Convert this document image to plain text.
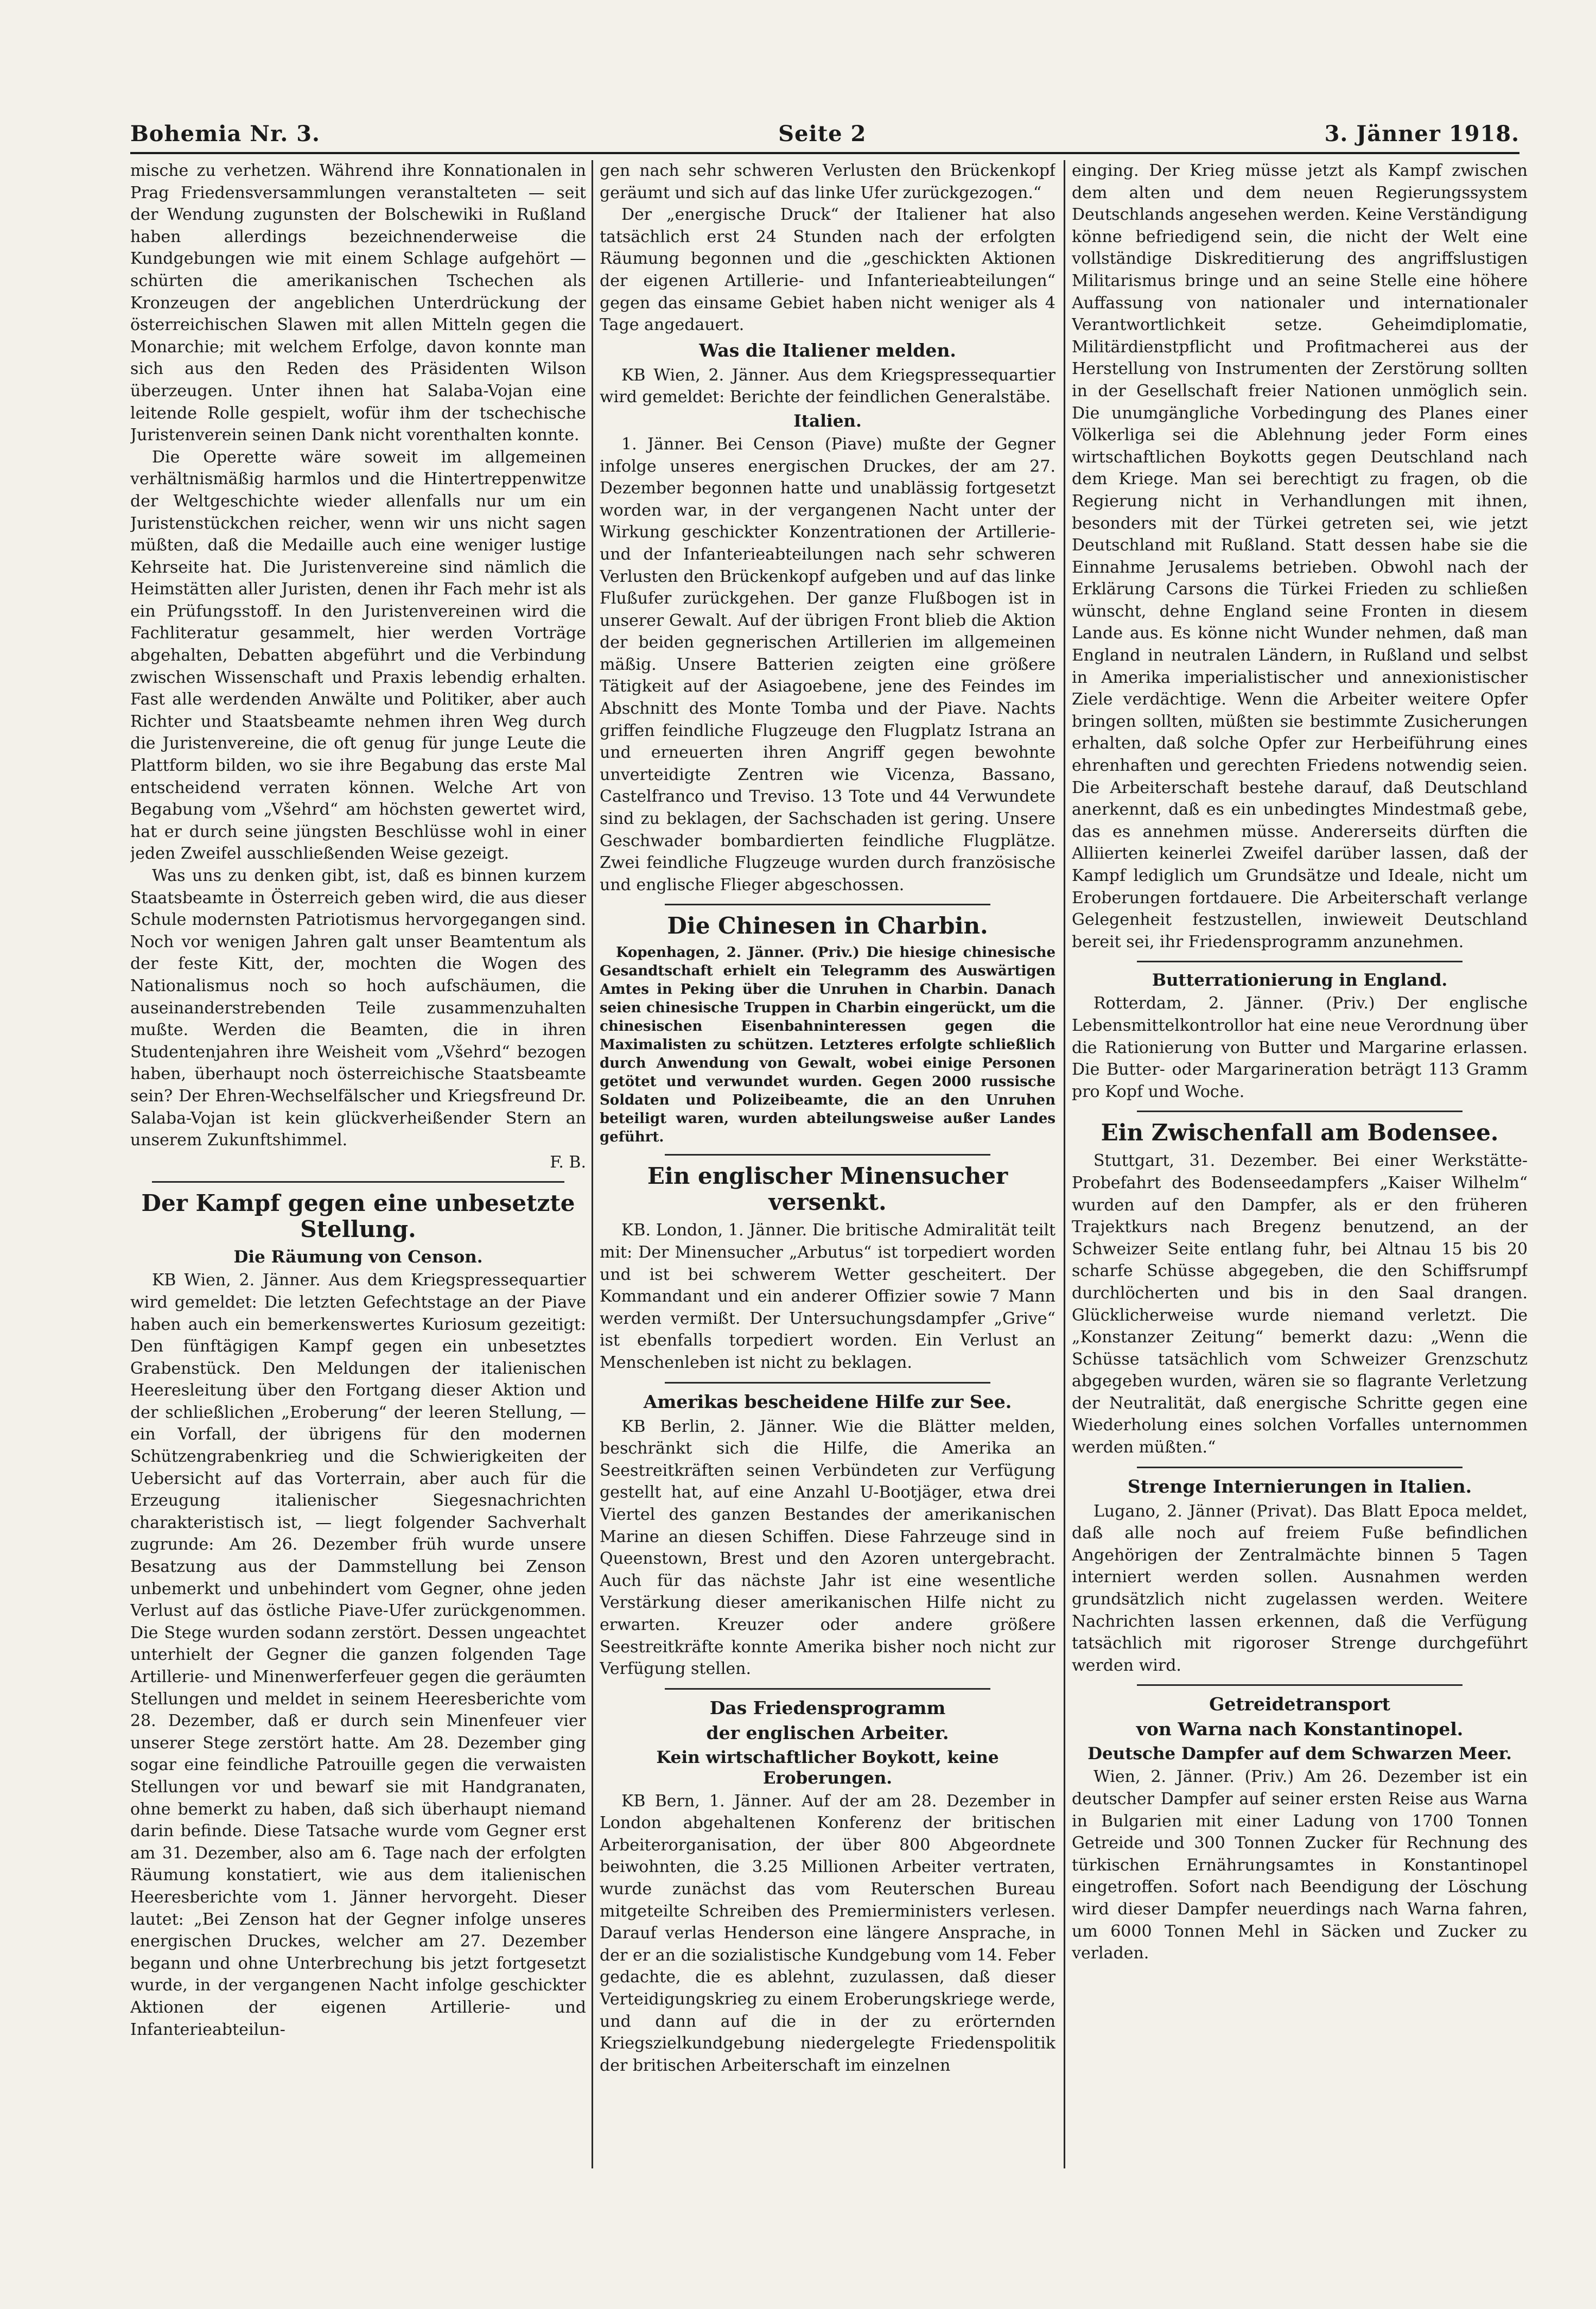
Bohemia Nr. 3.	Seite 2	3. Jänner 1918.

mische zu verhetzen. Während ihre Konnationalen in Prag Friedensversammlungen veranstalteten — seit der Wendung zugunsten der Bolschewiki in Rußland haben allerdings bezeichnenderweise die Kundgebungen wie mit einem Schlage aufgehört — schürten die amerikanischen Tschechen als Kronzeugen der angeblichen Unterdrückung der österreichischen Slawen mit allen Mitteln gegen die Monarchie; mit welchem Erfolge, davon konnte man sich aus den Reden des Präsidenten Wilson überzeugen. Unter ihnen hat Salaba-Vojan eine leitende Rolle gespielt, wofür ihm der tschechische Juristenverein seinen Dank nicht vorenthalten konnte.

Die Operette wäre soweit im allgemeinen verhältnismäßig harmlos und die Hintertreppenwitze der Weltgeschichte wieder allenfalls nur um ein Juristenstückchen reicher, wenn wir uns nicht sagen müßten, daß die Medaille auch eine weniger lustige Kehrseite hat. Die Juristenvereine sind nämlich die Heimstätten aller Juristen, denen ihr Fach mehr ist als ein Prüfungsstoff. In den Juristenvereinen wird die Fachliteratur gesammelt, hier werden Vorträge abgehalten, Debatten abgeführt und die Verbindung zwischen Wissenschaft und Praxis lebendig erhalten. Fast alle werdenden Anwälte und Politiker, aber auch Richter und Staatsbeamte nehmen ihren Weg durch die Juristenvereine, die oft genug für junge Leute die Plattform bilden, wo sie ihre Begabung das erste Mal entscheidend verraten können. Welche Art von Begabung vom „Všehrd“ am höchsten gewertet wird, hat er durch seine jüngsten Beschlüsse wohl in einer jeden Zweifel ausschließenden Weise gezeigt.

Was uns zu denken gibt, ist, daß es binnen kurzem Staatsbeamte in Österreich geben wird, die aus dieser Schule modernsten Patriotismus hervorgegangen sind. Noch vor wenigen Jahren galt unser Beamtentum als der feste Kitt, der, mochten die Wogen des Nationalismus noch so hoch aufschäumen, die auseinanderstrebenden Teile zusammenzuhalten mußte. Werden die Beamten, die in ihren Studentenjahren ihre Weisheit vom „Všehrd“ bezogen haben, überhaupt noch österreichische Staatsbeamte sein? Der Ehren-Wechselfälscher und Kriegsfreund Dr. Salaba-Vojan ist kein glückverheißender Stern an unserem Zukunftshimmel.

F. B.

Der Kampf gegen eine unbesetzte Stellung.
Die Räumung von Censon.

KB Wien, 2. Jänner. Aus dem Kriegspressequartier wird gemeldet: Die letzten Gefechtstage an der Piave haben auch ein bemerkenswertes Kuriosum gezeitigt: Den fünftägigen Kampf gegen ein unbesetztes Grabenstück. Den Meldungen der italienischen Heeresleitung über den Fortgang dieser Aktion und der schließlichen „Eroberung“ der leeren Stellung, — ein Vorfall, der übrigens für den modernen Schützengrabenkrieg und die Schwierigkeiten der Uebersicht auf das Vorterrain, aber auch für die Erzeugung italienischer Siegesnachrichten charakteristisch ist, — liegt folgender Sachverhalt zugrunde: Am 26. Dezember früh wurde unsere Besatzung aus der Dammstellung bei Zenson unbemerkt und unbehindert vom Gegner, ohne jeden Verlust auf das östliche Piave-Ufer zurückgenommen. Die Stege wurden sodann zerstört. Dessen ungeachtet unterhielt der Gegner die ganzen folgenden Tage Artillerie- und Minenwerferfeuer gegen die geräumten Stellungen und meldet in seinem Heeresberichte vom 28. Dezember, daß er durch sein Minenfeuer vier unserer Stege zerstört hatte. Am 28. Dezember ging sogar eine feindliche Patrouille gegen die verwaisten Stellungen vor und bewarf sie mit Handgranaten, ohne bemerkt zu haben, daß sich überhaupt niemand darin befinde. Diese Tatsache wurde vom Gegner erst am 31. Dezember, also am 6. Tage nach der erfolgten Räumung konstatiert, wie aus dem italienischen Heeresberichte vom 1. Jänner hervorgeht. Dieser lautet: „Bei Zenson hat der Gegner infolge unseres energischen Druckes, welcher am 27. Dezember begann und ohne Unterbrechung bis jetzt fortgesetzt wurde, in der vergangenen Nacht infolge geschickter Aktionen der eigenen Artillerie- und Infanterieabteilun-

gen nach sehr schweren Verlusten den Brückenkopf geräumt und sich auf das linke Ufer zurückgezogen.“

Der „energische Druck“ der Italiener hat also tatsächlich erst 24 Stunden nach der erfolgten Räumung begonnen und die „geschickten Aktionen der eigenen Artillerie- und Infanterieabteilungen“ gegen das einsame Gebiet haben nicht weniger als 4 Tage angedauert.

Was die Italiener melden.

KB Wien, 2. Jänner. Aus dem Kriegspressequartier wird gemeldet: Berichte der feindlichen Generalstäbe.

Italien.

1. Jänner. Bei Censon (Piave) mußte der Gegner infolge unseres energischen Druckes, der am 27. Dezember begonnen hatte und unablässig fortgesetzt worden war, in der vergangenen Nacht unter der Wirkung geschickter Konzentrationen der Artillerie- und der Infanterieabteilungen nach sehr schweren Verlusten den Brückenkopf aufgeben und auf das linke Flußufer zurückgehen. Der ganze Flußbogen ist in unserer Gewalt. Auf der übrigen Front blieb die Aktion der beiden gegnerischen Artillerien im allgemeinen mäßig. Unsere Batterien zeigten eine größere Tätigkeit auf der Asiagoebene, jene des Feindes im Abschnitt des Monte Tomba und der Piave. Nachts griffen feindliche Flugzeuge den Flugplatz Istrana an und erneuerten ihren Angriff gegen bewohnte unverteidigte Zentren wie Vicenza, Bassano, Castelfranco und Treviso. 13 Tote und 44 Verwundete sind zu beklagen, der Sachschaden ist gering. Unsere Geschwader bombardierten feindliche Flugplätze. Zwei feindliche Flugzeuge wurden durch französische und englische Flieger abgeschossen.

Die Chinesen in Charbin.

Kopenhagen, 2. Jänner. (Priv.) Die hiesige chinesische Gesandtschaft erhielt ein Telegramm des Auswärtigen Amtes in Peking über die Unruhen in Charbin. Danach seien chinesische Truppen in Charbin eingerückt, um die chinesischen Eisenbahninteressen gegen die Maximalisten zu schützen. Letzteres erfolgte schließlich durch Anwendung von Gewalt, wobei einige Personen getötet und verwundet wurden. Gegen 2000 russische Soldaten und Polizeibeamte, die an den Unruhen beteiligt waren, wurden abteilungsweise außer Landes geführt.

Ein englischer Minensucher versenkt.

KB. London, 1. Jänner. Die britische Admiralität teilt mit: Der Minensucher „Arbutus“ ist torpediert worden und ist bei schwerem Wetter gescheitert. Der Kommandant und ein anderer Offizier sowie 7 Mann werden vermißt. Der Untersuchungsdampfer „Grive“ ist ebenfalls torpediert worden. Ein Verlust an Menschenleben ist nicht zu beklagen.

Amerikas bescheidene Hilfe zur See.

KB Berlin, 2. Jänner. Wie die Blätter melden, beschränkt sich die Hilfe, die Amerika an Seestreitkräften seinen Verbündeten zur Verfügung gestellt hat, auf eine Anzahl U-Bootjäger, etwa drei Viertel des ganzen Bestandes der amerikanischen Marine an diesen Schiffen. Diese Fahrzeuge sind in Queenstown, Brest und den Azoren untergebracht. Auch für das nächste Jahr ist eine wesentliche Verstärkung dieser amerikanischen Hilfe nicht zu erwarten. Kreuzer oder andere größere Seestreitkräfte konnte Amerika bisher noch nicht zur Verfügung stellen.

Das Friedensprogramm
der englischen Arbeiter.
Kein wirtschaftlicher Boykott, keine Eroberungen.

KB Bern, 1. Jänner. Auf der am 28. Dezember in London abgehaltenen Konferenz der britischen Arbeiterorganisation, der über 800 Abgeordnete beiwohnten, die 3.25 Millionen Arbeiter vertraten, wurde zunächst das vom Reuterschen Bureau mitgeteilte Schreiben des Premierministers verlesen. Darauf verlas Henderson eine längere Ansprache, in der er an die sozialistische Kundgebung vom 14. Feber gedachte, die es ablehnt, zuzulassen, daß dieser Verteidigungskrieg zu einem Eroberungskriege werde, und dann auf die in der zu erörternden Kriegszielkundgebung niedergelegte Friedenspolitik der britischen Arbeiterschaft im einzelnen

einging. Der Krieg müsse jetzt als Kampf zwischen dem alten und dem neuen Regierungssystem Deutschlands angesehen werden. Keine Verständigung könne befriedigend sein, die nicht der Welt eine vollständige Diskreditierung des angriffslustigen Militarismus bringe und an seine Stelle eine höhere Auffassung von nationaler und internationaler Verantwortlichkeit setze. Geheimdiplomatie, Militärdienstpflicht und Profitmacherei aus der Herstellung von Instrumenten der Zerstörung sollten in der Gesellschaft freier Nationen unmöglich sein. Die unumgängliche Vorbedingung des Planes einer Völkerliga sei die Ablehnung jeder Form eines wirtschaftlichen Boykotts gegen Deutschland nach dem Kriege. Man sei berechtigt zu fragen, ob die Regierung nicht in Verhandlungen mit ihnen, besonders mit der Türkei getreten sei, wie jetzt Deutschland mit Rußland. Statt dessen habe sie die Einnahme Jerusalems betrieben. Obwohl nach der Erklärung Carsons die Türkei Frieden zu schließen wünscht, dehne England seine Fronten in diesem Lande aus. Es könne nicht Wunder nehmen, daß man England in neutralen Ländern, in Rußland und selbst in Amerika imperialistischer und annexionistischer Ziele verdächtige. Wenn die Arbeiter weitere Opfer bringen sollten, müßten sie bestimmte Zusicherungen erhalten, daß solche Opfer zur Herbeiführung eines ehrenhaften und gerechten Friedens notwendig seien. Die Arbeiterschaft bestehe darauf, daß Deutschland anerkennt, daß es ein unbedingtes Mindestmaß gebe, das es annehmen müsse. Andererseits dürften die Alliierten keinerlei Zweifel darüber lassen, daß der Kampf lediglich um Grundsätze und Ideale, nicht um Eroberungen fortdauere. Die Arbeiterschaft verlange Gelegenheit festzustellen, inwieweit Deutschland bereit sei, ihr Friedensprogramm anzunehmen.

Butterrationierung in England.

Rotterdam, 2. Jänner. (Priv.) Der englische Lebensmittelkontrollor hat eine neue Verordnung über die Rationierung von Butter und Margarine erlassen. Die Butter- oder Margarineration beträgt 113 Gramm pro Kopf und Woche.

Ein Zwischenfall am Bodensee.

Stuttgart, 31. Dezember. Bei einer Werkstätte-Probefahrt des Bodenseedampfers „Kaiser Wilhelm“ wurden auf den Dampfer, als er den früheren Trajektkurs nach Bregenz benutzend, an der Schweizer Seite entlang fuhr, bei Altnau 15 bis 20 scharfe Schüsse abgegeben, die den Schiffsrumpf durchlöcherten und bis in den Saal drangen. Glücklicherweise wurde niemand verletzt. Die „Konstanzer Zeitung“ bemerkt dazu: „Wenn die Schüsse tatsächlich vom Schweizer Grenzschutz abgegeben wurden, wären sie so flagrante Verletzung der Neutralität, daß energische Schritte gegen eine Wiederholung eines solchen Vorfalles unternommen werden müßten.“

Strenge Internierungen in Italien.

Lugano, 2. Jänner (Privat). Das Blatt Epoca meldet, daß alle noch auf freiem Fuße befindlichen Angehörigen der Zentralmächte binnen 5 Tagen interniert werden sollen. Ausnahmen werden grundsätzlich nicht zugelassen werden. Weitere Nachrichten lassen erkennen, daß die Verfügung tatsächlich mit rigoroser Strenge durchgeführt werden wird.

Getreidetransport
von Warna nach Konstantinopel.
Deutsche Dampfer auf dem Schwarzen Meer.

Wien, 2. Jänner. (Priv.) Am 26. Dezember ist ein deutscher Dampfer auf seiner ersten Reise aus Warna in Bulgarien mit einer Ladung von 1700 Tonnen Getreide und 300 Tonnen Zucker für Rechnung des türkischen Ernährungsamtes in Konstantinopel eingetroffen. Sofort nach Beendigung der Löschung wird dieser Dampfer neuerdings nach Warna fahren, um 6000 Tonnen Mehl in Säcken und Zucker zu verladen.
